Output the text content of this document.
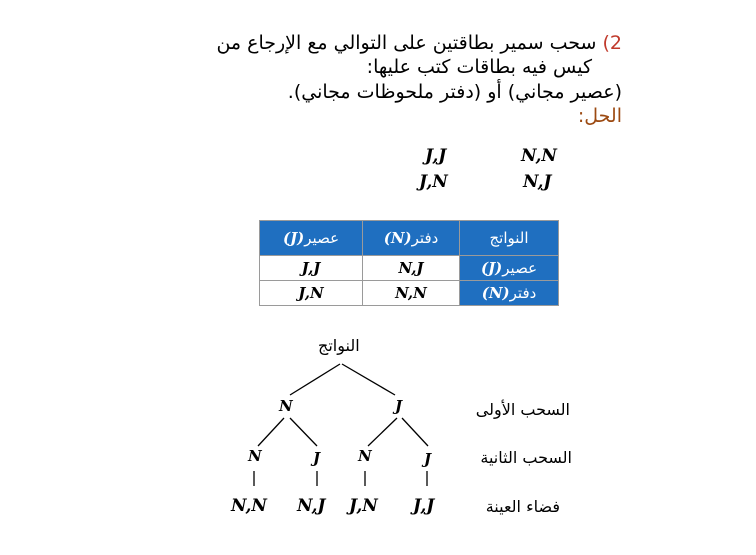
2) سحب سمير بطاقتين على التوالي مع الإرجاع من
كيس فيه بطاقات كتب عليها:
(عصير مجاني) أو (دفتر ملحوظات مجاني).
الحل:
J,J	N,N
J,N	N,J
النواتج	دفتر(N)	عصير(J)
عصير(J)	N,J	J,J
دفتر(N)	N,N	J,N
النواتج
N	J
N	J	N	J
N,N N,J J,N J,J
السحب الأولى
السحب الثانية
فضاء العينة
